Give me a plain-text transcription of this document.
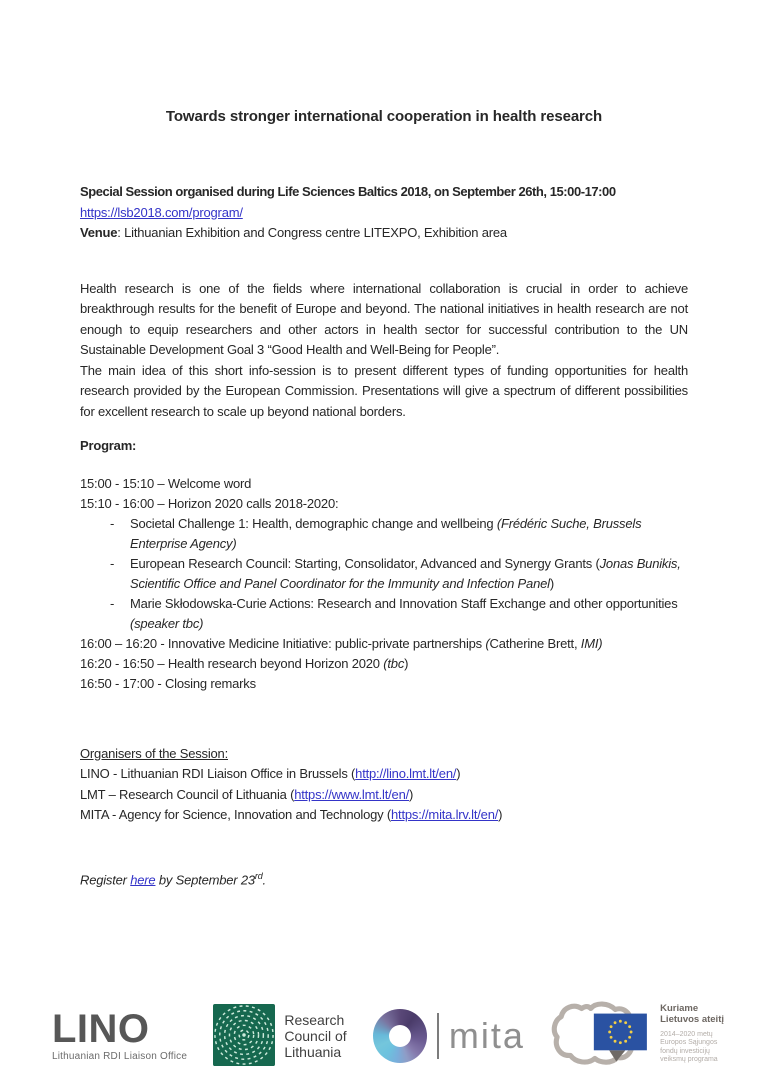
Towards stronger international cooperation in health research
Special Session organised during Life Sciences Baltics 2018, on September 26th, 15:00-17:00
https://lsb2018.com/program/
Venue: Lithuanian Exhibition and Congress centre LITEXPO, Exhibition area
Health research is one of the fields where international collaboration is crucial in order to achieve breakthrough results for the benefit of Europe and beyond. The national initiatives in health research are not enough to equip researchers and other actors in health sector for successful contribution to the UN Sustainable Development Goal 3 “Good Health and Well-Being for People”.
The main idea of this short info-session is to present different types of funding opportunities for health research provided by the European Commission. Presentations will give a spectrum of different possibilities for excellent research to scale up beyond national borders.
Program:
15:00 - 15:10 – Welcome word
15:10 - 16:00 – Horizon 2020 calls 2018-2020:
- Societal Challenge 1: Health, demographic change and wellbeing (Frédéric Suche, Brussels Enterprise Agency)
- European Research Council: Starting, Consolidator, Advanced and Synergy Grants (Jonas Bunikis, Scientific Office and Panel Coordinator for the Immunity and Infection Panel)
- Marie Skłodowska-Curie Actions: Research and Innovation Staff Exchange and other opportunities (speaker tbc)
16:00 – 16:20 - Innovative Medicine Initiative: public-private partnerships (Catherine Brett, IMI)
16:20 - 16:50 – Health research beyond Horizon 2020 (tbc)
16:50 - 17:00 - Closing remarks
Organisers of the Session:
LINO - Lithuanian RDI Liaison Office in Brussels (http://lino.lmt.lt/en/)
LMT – Research Council of Lithuania (https://www.lmt.lt/en/)
MITA - Agency for Science, Innovation and Technology (https://mita.lrv.lt/en/)
Register here by September 23rd.
LINO
Lithuanian RDI Liaison Office
Research
Council of
Lithuania	mita
Kuriame
Lietuvos ateitį
2014–2020 metų
Europos Sąjungos
fondų investicijų
veiksmų programa
